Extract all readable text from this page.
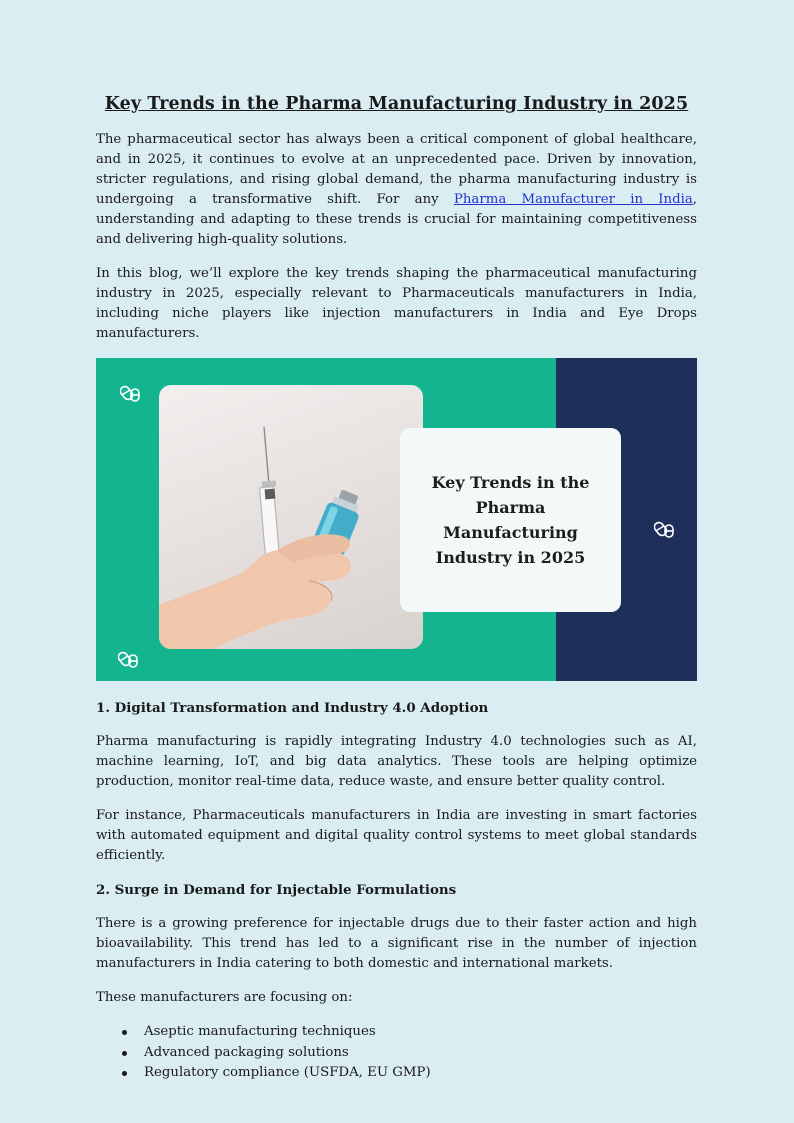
Key Trends in the Pharma Manufacturing Industry in 2025

The pharmaceutical sector has always been a critical component of global healthcare, and in 2025, it continues to evolve at an unprecedented pace. Driven by innovation, stricter regulations, and rising global demand, the pharma manufacturing industry is undergoing a transformative shift. For any Pharma Manufacturer in India, understanding and adapting to these trends is crucial for maintaining competitiveness and delivering high-quality solutions.

In this blog, we’ll explore the key trends shaping the pharmaceutical manufacturing industry in 2025, especially relevant to Pharmaceuticals manufacturers in India, including niche players like injection manufacturers in India and Eye Drops manufacturers.

Key Trends in the Pharma Manufacturing Industry in 2025
1. Digital Transformation and Industry 4.0 Adoption

Pharma manufacturing is rapidly integrating Industry 4.0 technologies such as AI, machine learning, IoT, and big data analytics. These tools are helping optimize production, monitor real-time data, reduce waste, and ensure better quality control.

For instance, Pharmaceuticals manufacturers in India are investing in smart factories with automated equipment and digital quality control systems to meet global standards efficiently.

2. Surge in Demand for Injectable Formulations

There is a growing preference for injectable drugs due to their faster action and high bioavailability. This trend has led to a significant rise in the number of injection manufacturers in India catering to both domestic and international markets.

These manufacturers are focusing on:

Aseptic manufacturing techniques
Advanced packaging solutions
Regulatory compliance (USFDA, EU GMP)
